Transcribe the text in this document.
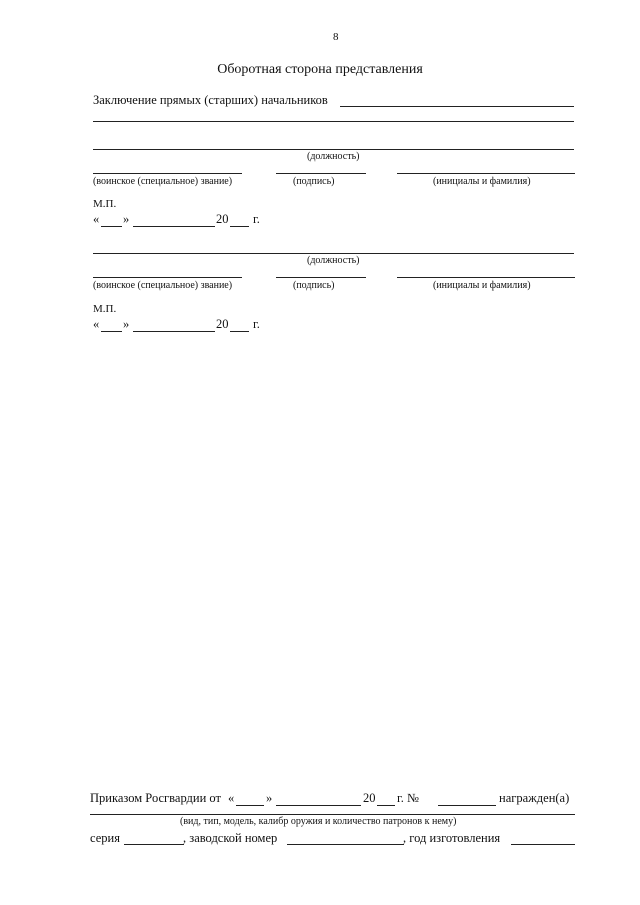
8
Оборотная сторона представления
Заключение прямых (старших) начальников
(должность)
(воинское (специальное) звание)	(подпись)	(инициалы и фамилия)
М.П.
« »	20 г.
(должность)
(воинское (специальное) звание)	(подпись)	(инициалы и фамилия)
М.П.
« »	20 г.
Приказом Росгвардии от «	»	20 г. №	награжден(а)
(вид, тип, модель, калибр оружия и количество патронов к нему)
серия	, заводской номер	, год изготовления
